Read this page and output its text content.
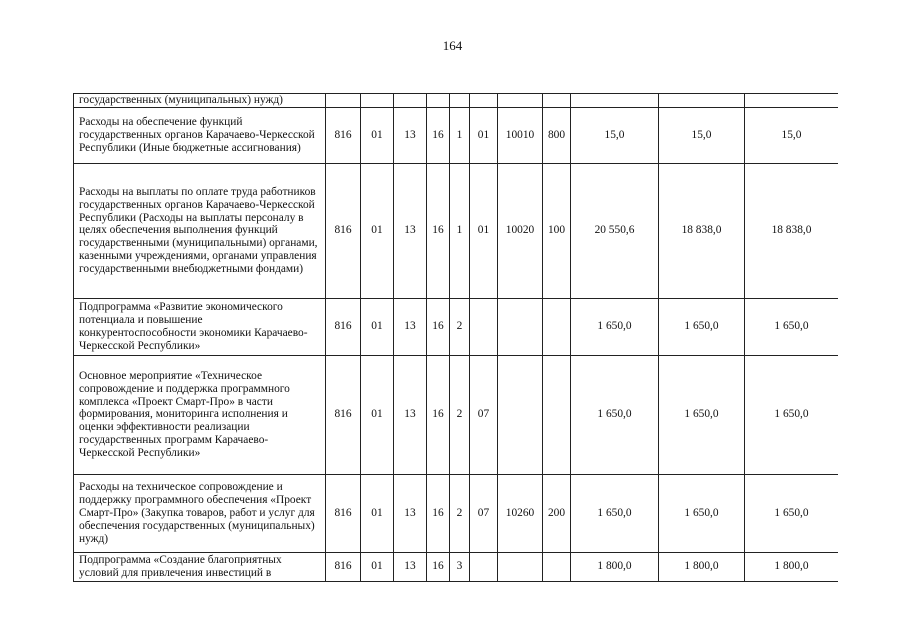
164
государственных (муниципальных) нужд)											
Расходы на обеспечение функций государственных органов Карачаево-Черкесской Республики (Иные бюджетные ассигнования)	816	01	13	16	1	01	10010	800	15,0	15,0	15,0
Расходы на выплаты по оплате труда работников государственных органов Карачаево-Черкесской Республики (Расходы на выплаты персоналу в целях обеспечения выполнения функций государственными (муниципальными) органами, казенными учреждениями, органами управления государственными внебюджетными фондами)	816	01	13	16	1	01	10020	100	20 550,6	18 838,0	18 838,0
Подпрограмма «Развитие экономического потенциала и повышение конкурентоспособности экономики Карачаево-Черкесской Республики»	816	01	13	16	2				1 650,0	1 650,0	1 650,0
Основное мероприятие «Техническое сопровождение и поддержка программного комплекса «Проект Смарт-Про» в части формирования, мониторинга исполнения и оценки эффективности реализации государственных программ Карачаево-Черкесской Республики»	816	01	13	16	2	07			1 650,0	1 650,0	1 650,0
Расходы на техническое сопровождение и поддержку программного обеспечения «Проект Смарт-Про» (Закупка товаров, работ и услуг для обеспечения государственных (муниципальных) нужд)	816	01	13	16	2	07	10260	200	1 650,0	1 650,0	1 650,0
Подпрограмма «Создание благоприятных условий для привлечения инвестиций в	816	01	13	16	3				1 800,0	1 800,0	1 800,0
